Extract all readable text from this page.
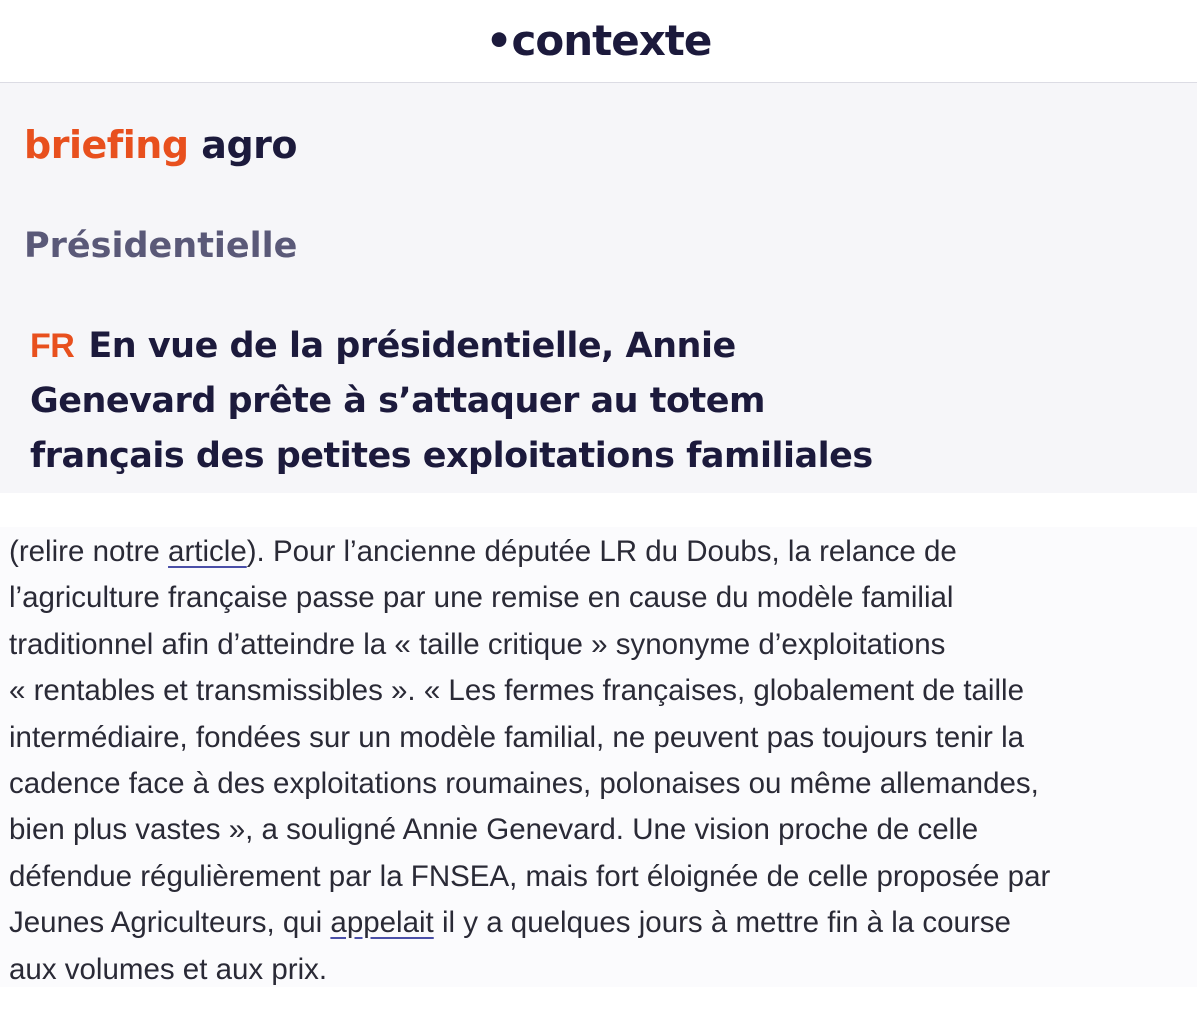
•contexte
briefing agro
Présidentielle
FR En vue de la présidentielle, Annie
Genevard prête à s’attaquer au totem
français des petites exploitations familiales
(relire notre article). Pour l’ancienne députée LR du Doubs, la relance de
l’agriculture française passe par une remise en cause du modèle familial
traditionnel afin d’atteindre la « taille critique » synonyme d’exploitations
« rentables et transmissibles ». « Les fermes françaises, globalement de taille
intermédiaire, fondées sur un modèle familial, ne peuvent pas toujours tenir la
cadence face à des exploitations roumaines, polonaises ou même allemandes,
bien plus vastes », a souligné Annie Genevard. Une vision proche de celle
défendue régulièrement par la FNSEA, mais fort éloignée de celle proposée par
Jeunes Agriculteurs, qui appelait il y a quelques jours à mettre fin à la course
aux volumes et aux prix.
